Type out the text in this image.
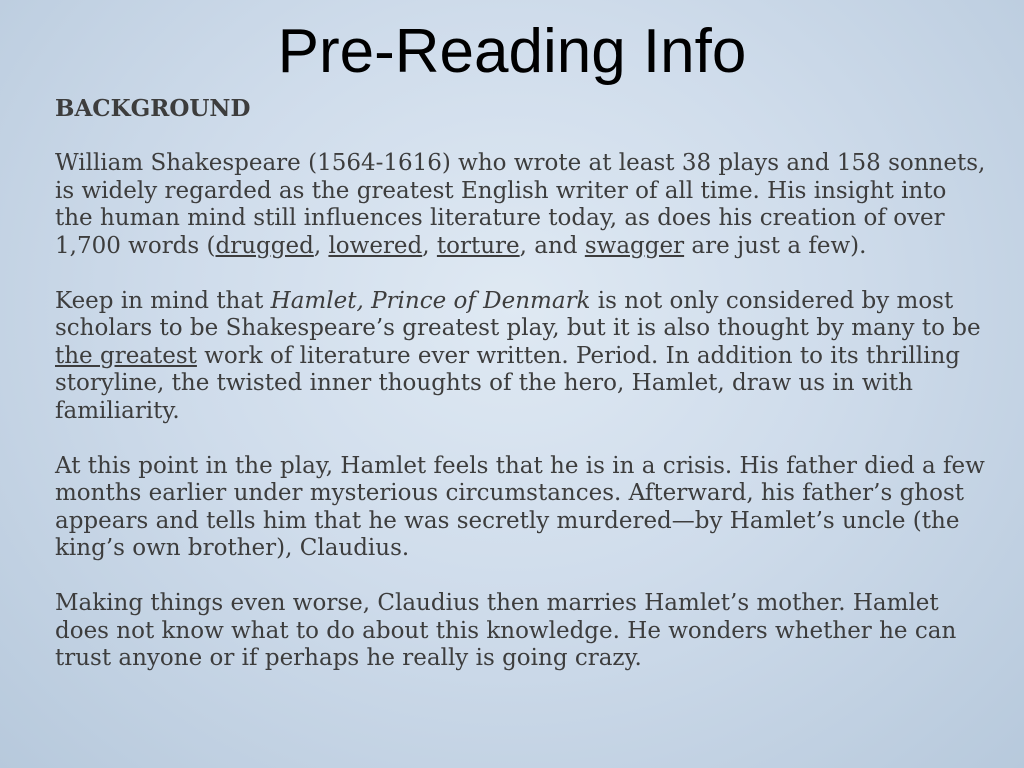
Pre-Reading Info

BACKGROUND

William Shakespeare (1564-1616) who wrote at least 38 plays and 158 sonnets, is widely regarded as the greatest English writer of all time. His insight into the human mind still influences literature today, as does his creation of over 1,700 words (drugged, lowered, torture, and swagger are just a few).

Keep in mind that Hamlet, Prince of Denmark is not only considered by most scholars to be Shakespeare’s greatest play, but it is also thought by many to be the greatest work of literature ever written. Period. In addition to its thrilling storyline, the twisted inner thoughts of the hero, Hamlet, draw us in with familiarity.

At this point in the play, Hamlet feels that he is in a crisis. His father died a few months earlier under mysterious circumstances. Afterward, his father’s ghost appears and tells him that he was secretly murdered—by Hamlet’s uncle (the king’s own brother), Claudius.

Making things even worse, Claudius then marries Hamlet’s mother. Hamlet does not know what to do about this knowledge. He wonders whether he can trust anyone or if perhaps he really is going crazy.
